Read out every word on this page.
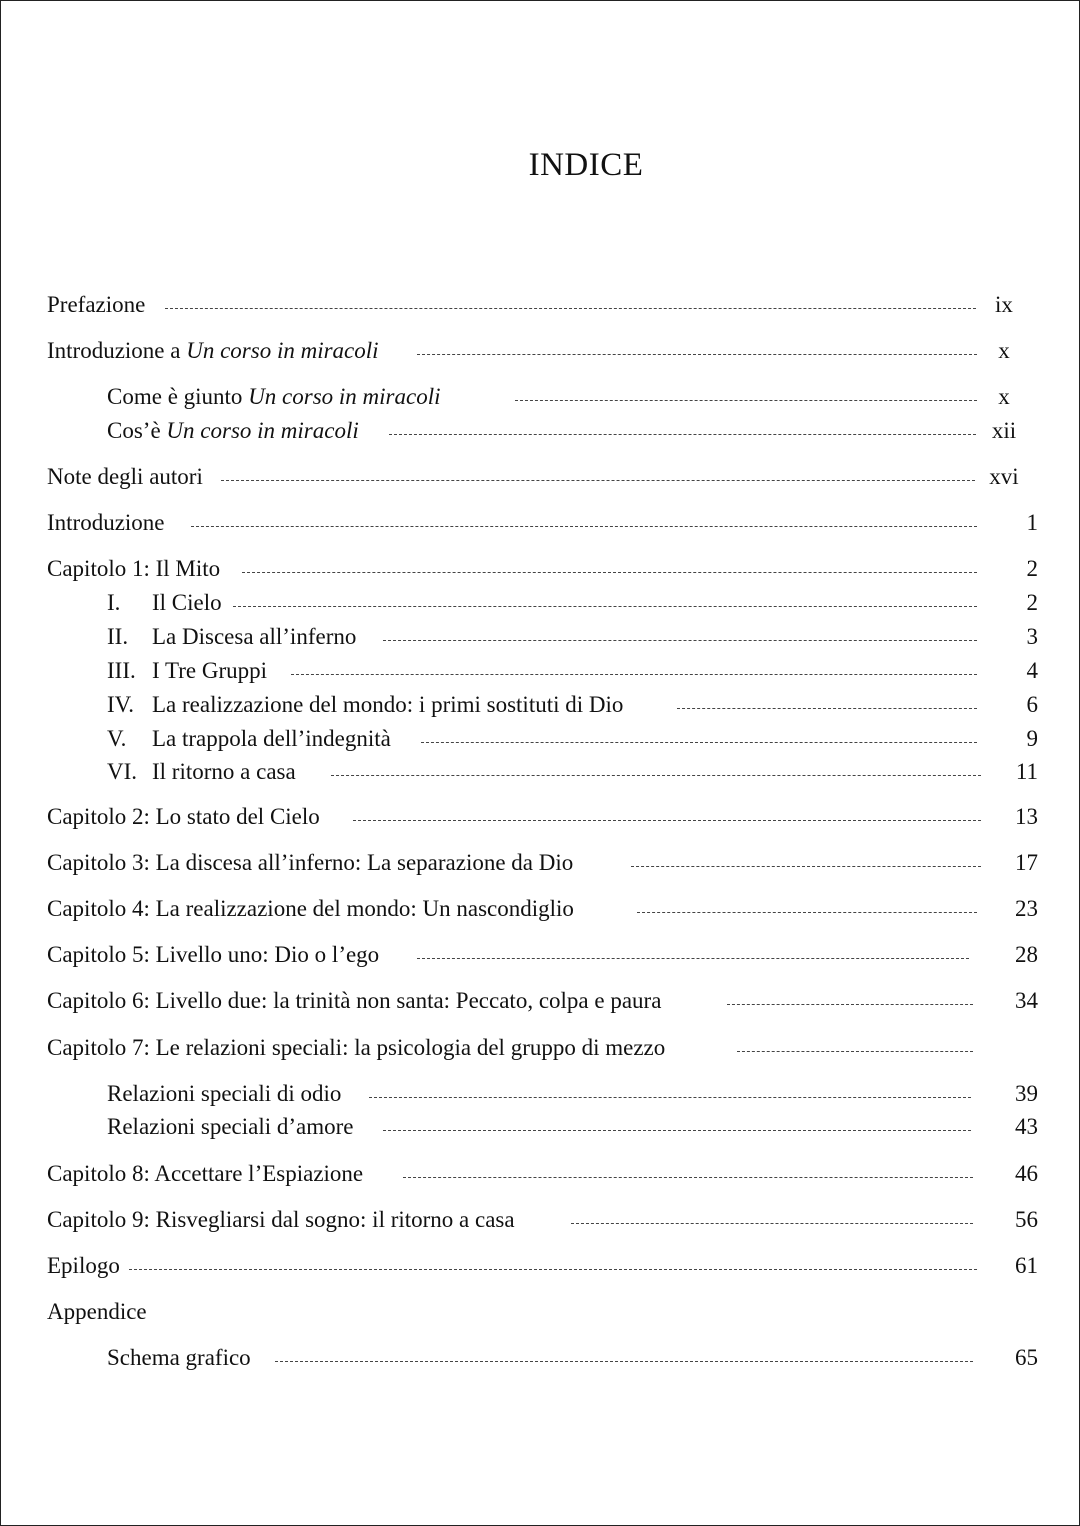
INDICE
Prefazione	ix
Introduzione a Un corso in miracoli	x
Come è giunto Un corso in miracoli	x
Cos’è Un corso in miracoli	xii
Note degli autori	xvi
Introduzione	1
Capitolo 1: Il Mito	2
I. Il Cielo	2
II. La Discesa all’inferno	3
III. I Tre Gruppi	4
IV. La realizzazione del mondo: i primi sostituti di Dio	6
V. La trappola dell’indegnità	9
VI. Il ritorno a casa	11
Capitolo 2: Lo stato del Cielo	13
Capitolo 3: La discesa all’inferno: La separazione da Dio	17
Capitolo 4: La realizzazione del mondo: Un nascondiglio	23
Capitolo 5: Livello uno: Dio o l’ego	28
Capitolo 6: Livello due: la trinità non santa: Peccato, colpa e paura	34
Capitolo 7: Le relazioni speciali: la psicologia del gruppo di mezzo
Relazioni speciali di odio	39
Relazioni speciali d’amore	43
Capitolo 8: Accettare l’Espiazione	46
Capitolo 9: Risvegliarsi dal sogno: il ritorno a casa	56
Epilogo	61
Appendice
Schema grafico	65
